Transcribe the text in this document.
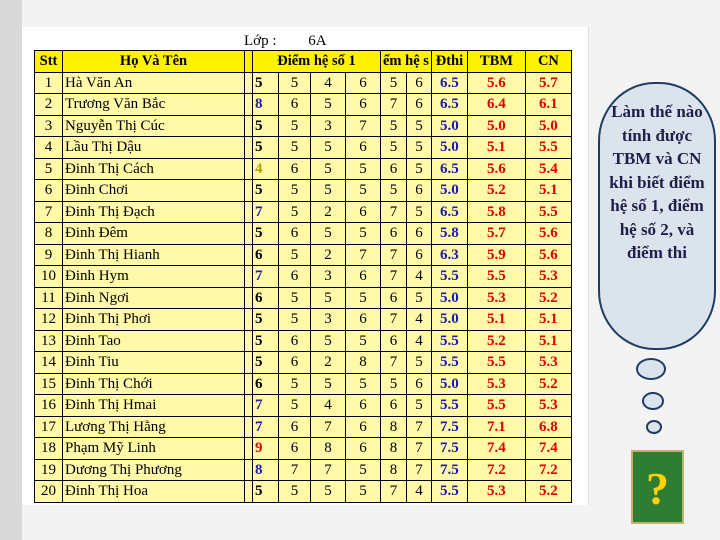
Lớp : 6A
Stt	Họ Và Tên		Điểm hệ số 1				ểm hệ s		Đthi	TBM	CN
1	Hà Văn An		5	5	4	6	5	6	6.5	5.6	5.7
2	Trương Văn Bắc		8	6	5	6	7	6	6.5	6.4	6.1
3	Nguyễn Thị Cúc		5	5	3	7	5	5	5.0	5.0	5.0
4	Lầu Thị Dậu		5	5	5	6	5	5	5.0	5.1	5.5
5	Đinh Thị Cách		4	6	5	5	6	5	6.5	5.6	5.4
6	Đinh Chơi		5	5	5	5	5	6	5.0	5.2	5.1
7	Đinh Thị Đạch		7	5	2	6	7	5	6.5	5.8	5.5
8	Đinh Đêm		5	6	5	5	6	6	5.8	5.7	5.6
9	Đinh Thị Hianh		6	5	2	7	7	6	6.3	5.9	5.6
10	Đinh Hym		7	6	3	6	7	4	5.5	5.5	5.3
11	Đinh Ngơi		6	5	5	5	6	5	5.0	5.3	5.2
12	Đinh Thị Phơi		5	5	3	6	7	4	5.0	5.1	5.1
13	Đinh Tao		5	6	5	5	6	4	5.5	5.2	5.1
14	Đinh Tiu		5	6	2	8	7	5	5.5	5.5	5.3
15	Đinh Thị Chới		6	5	5	5	5	6	5.0	5.3	5.2
16	Đinh Thị Hmai		7	5	4	6	6	5	5.5	5.5	5.3
17	Lương Thị Hằng		7	6	7	6	8	7	7.5	7.1	6.8
18	Phạm Mỹ Linh		9	6	8	6	8	7	7.5	7.4	7.4
19	Dương Thị Phương		8	7	7	5	8	7	7.5	7.2	7.2
20	Đinh Thị Hoa		5	5	5	5	7	4	5.5	5.3	5.2
Làm thế nào tính được TBM và CN khi biết điểm hệ số 1, điểm hệ số 2, và điểm thi
?
